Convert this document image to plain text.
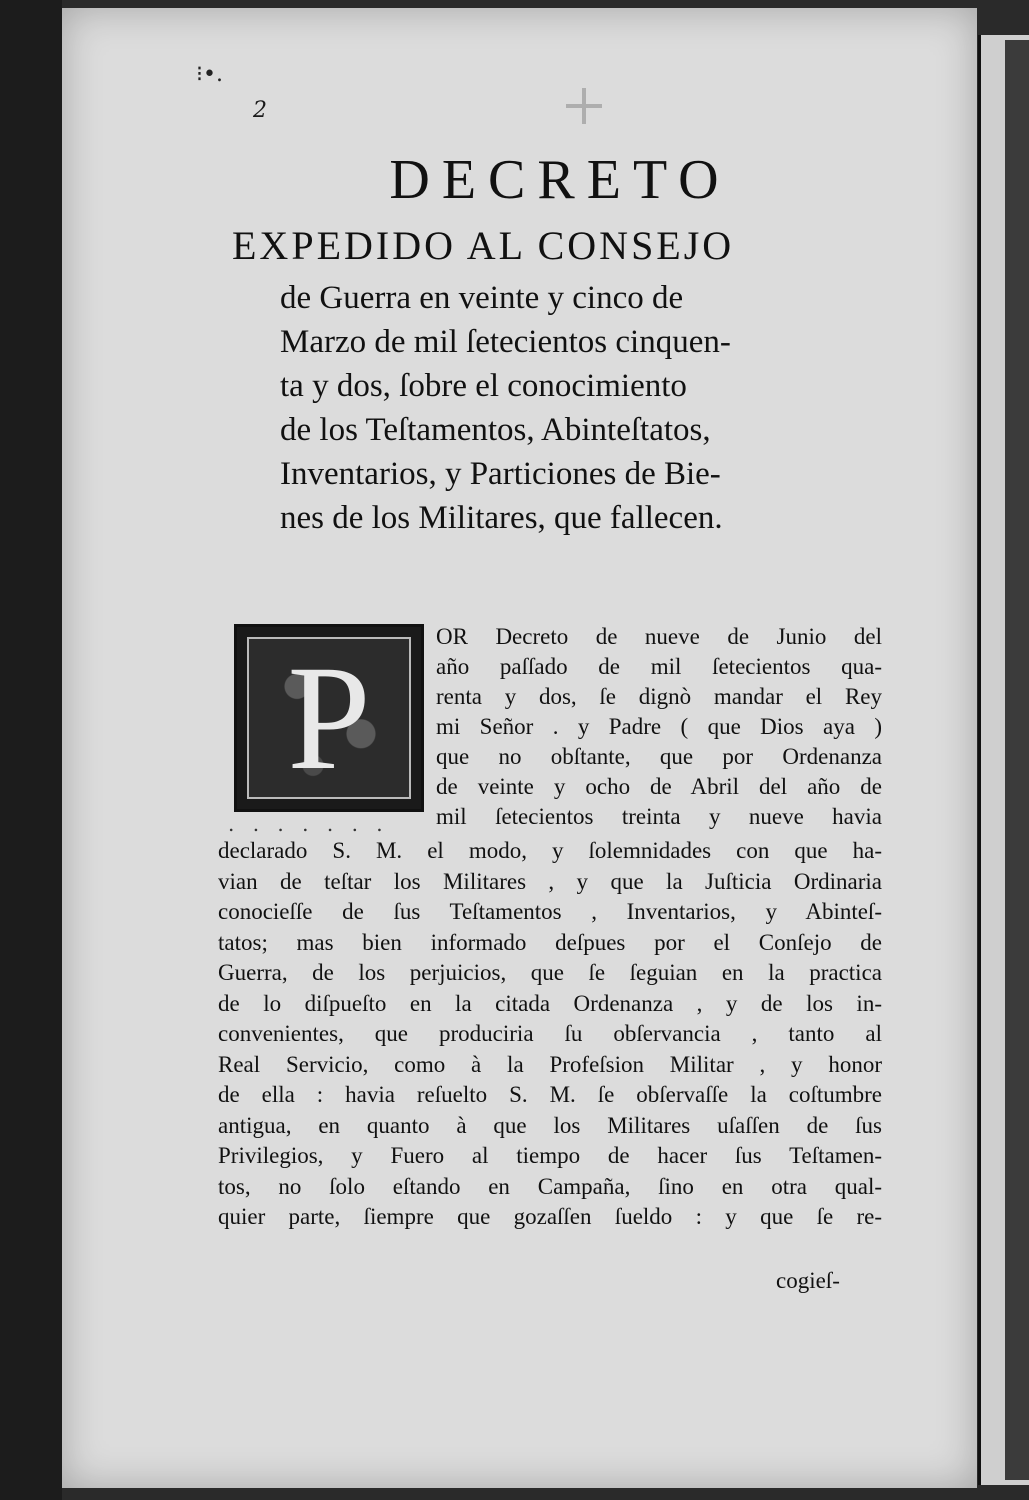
⁝•.
2
DECRETO
EXPEDIDO AL CONSEJO
de Guerra en veinte y cinco de
Marzo de mil ſetecientos cinquen-
ta y dos, ſobre el conocimiento
de los Teſtamentos, Abinteſtatos,
Inventarios, y Particiones de Bie-
nes de los Militares, que fallecen.
P	OR Decreto de nueve de Junio del
año paſſado de mil ſetecientos qua-
renta y dos, ſe dignò mandar el Rey
mi Señor . y Padre ( que Dios aya )
que no obſtante, que por Ordenanza
de veinte y ocho de Abril del año de
mil ſetecientos treinta y nueve havia
. . . . . . .
declarado S. M. el modo, y ſolemnidades con que ha-
vian de teſtar los Militares , y que la Juſticia Ordinaria
conocieſſe de ſus Teſtamentos , Inventarios, y Abinteſ-
tatos; mas bien informado deſpues por el Conſejo de
Guerra, de los perjuicios, que ſe ſeguian en la practica
de lo diſpueſto en la citada Ordenanza , y de los in-
convenientes, que produciria ſu obſervancia , tanto al
Real Servicio, como à la Profeſsion Militar , y honor
de ella : havia reſuelto S. M. ſe obſervaſſe la coſtumbre
antigua, en quanto à que los Militares uſaſſen de ſus
Privilegios, y Fuero al tiempo de hacer ſus Teſtamen-
tos, no ſolo eſtando en Campaña, ſino en otra qual-
quier parte, ſiempre que gozaſſen ſueldo : y que ſe re-
cogieſ-
